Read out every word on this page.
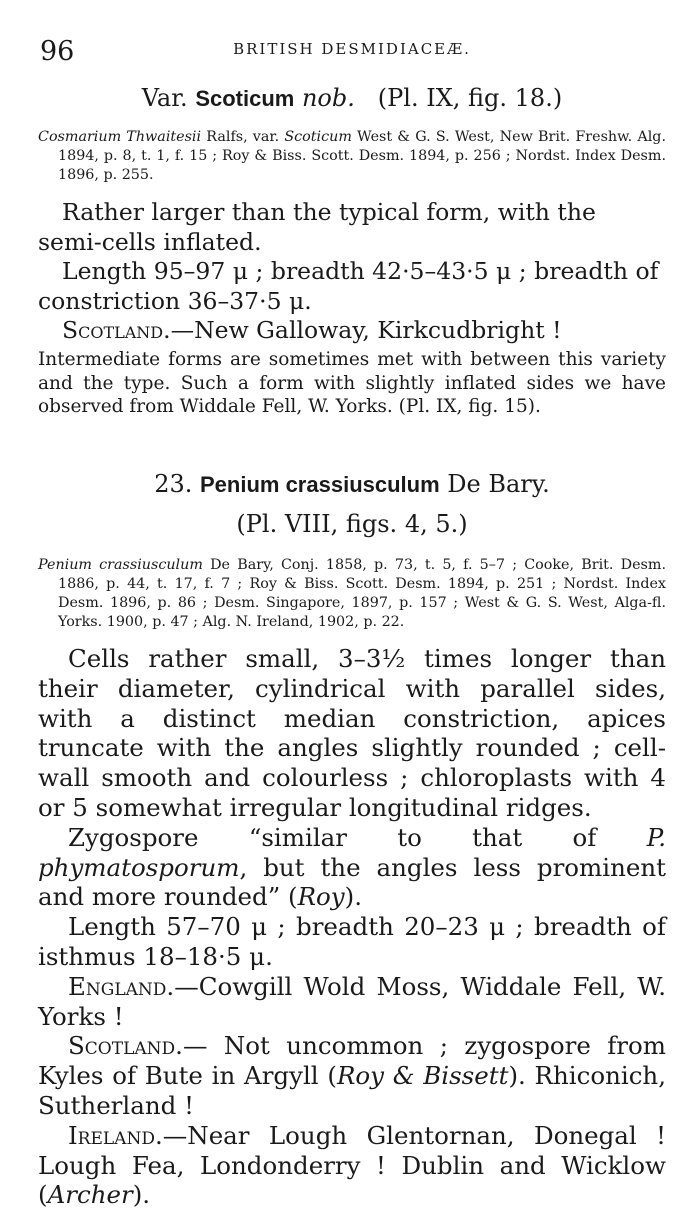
96	BRITISH DESMIDIACEÆ.

Var. Scoticum nob.   (Pl. IX, fig. 18.)

Cosmarium Thwaitesii Ralfs, var. Scoticum West & G. S. West, New Brit. Freshw. Alg. 1894, p. 8, t. 1, f. 15 ; Roy & Biss. Scott. Desm. 1894, p. 256 ; Nordst. Index Desm. 1896, p. 255.

Rather larger than the typical form, with the semi-cells inflated.

Length 95–97 μ ; breadth 42·5–43·5 μ ; breadth of constriction 36–37·5 μ.

Scotland.—New Galloway, Kirkcudbright !

Intermediate forms are sometimes met with between this variety and the type. Such a form with slightly inflated sides we have observed from Widdale Fell, W. Yorks. (Pl. IX, fig. 15).

23. Penium crassiusculum De Bary.

(Pl. VIII, figs. 4, 5.)

Penium crassiusculum De Bary, Conj. 1858, p. 73, t. 5, f. 5–7 ; Cooke, Brit. Desm. 1886, p. 44, t. 17, f. 7 ; Roy & Biss. Scott. Desm. 1894, p. 251 ; Nordst. Index Desm. 1896, p. 86 ; Desm. Singapore, 1897, p. 157 ; West & G. S. West, Alga-fl. Yorks. 1900, p. 47 ; Alg. N. Ireland, 1902, p. 22.

Cells rather small, 3–3½ times longer than their diameter, cylindrical with parallel sides, with a distinct median constriction, apices truncate with the angles slightly rounded ; cell-wall smooth and colourless ; chloroplasts with 4 or 5 somewhat irregular longitudinal ridges.

Zygospore “similar to that of P. phymatosporum, but the angles less prominent and more rounded” (Roy).

Length 57–70 μ ; breadth 20–23 μ ; breadth of isthmus 18–18·5 μ.

England.—Cowgill Wold Moss, Widdale Fell, W. Yorks !

Scotland.— Not uncommon ; zygospore from Kyles of Bute in Argyll (Roy & Bissett). Rhiconich, Sutherland !

Ireland.—Near Lough Glentornan, Donegal ! Lough Fea, Londonderry ! Dublin and Wicklow (Archer).
